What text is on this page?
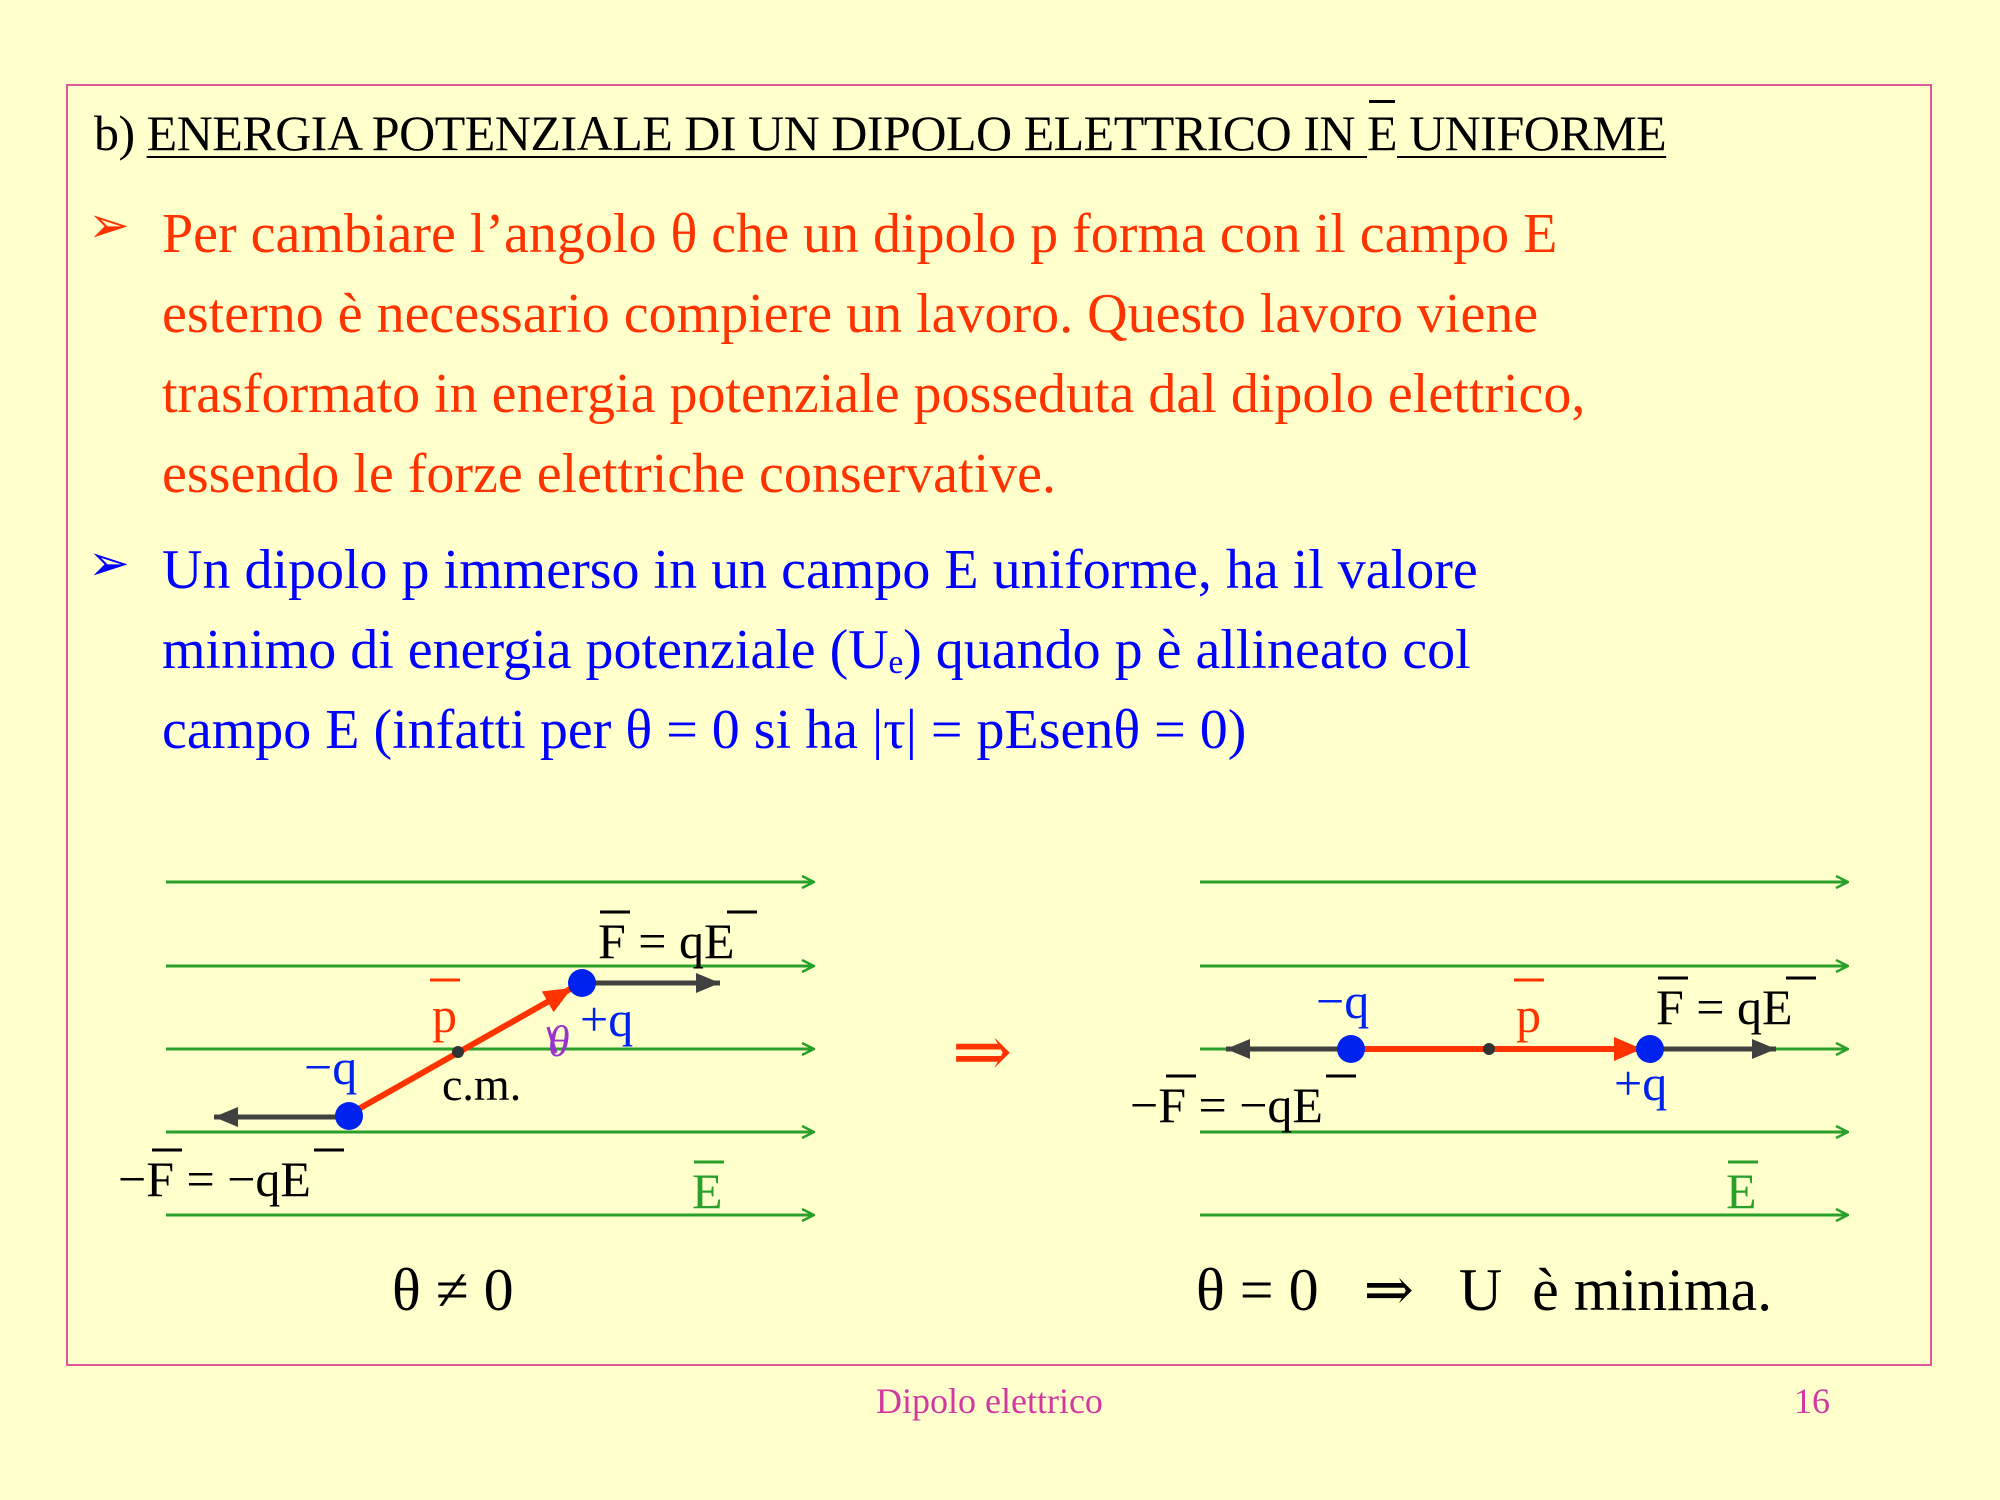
b) ENERGIA POTENZIALE DI UN DIPOLO ELETTRICO IN E UNIFORME
➢ Per cambiare l’angolo θ che un dipolo p forma con il campo E
esterno è necessario compiere un lavoro. Questo lavoro viene
trasformato in energia potenziale posseduta dal dipolo elettrico,
essendo le forze elettriche conservative.
➢ Un dipolo p immerso in un campo E uniforme, ha il valore
minimo di energia potenziale (Uₑ) quando p è allineato col
campo E (infatti per θ = 0 si ha |τ| = pEsenθ = 0)
F = qE
−F = −qE
p +q
−q c.m.
θ
E
θ ≠ 0
⇒
F = qE
−F = −qE
p
+q
−q
E
θ = 0   ⇒   U  è minima.
Dipolo elettrico	16
